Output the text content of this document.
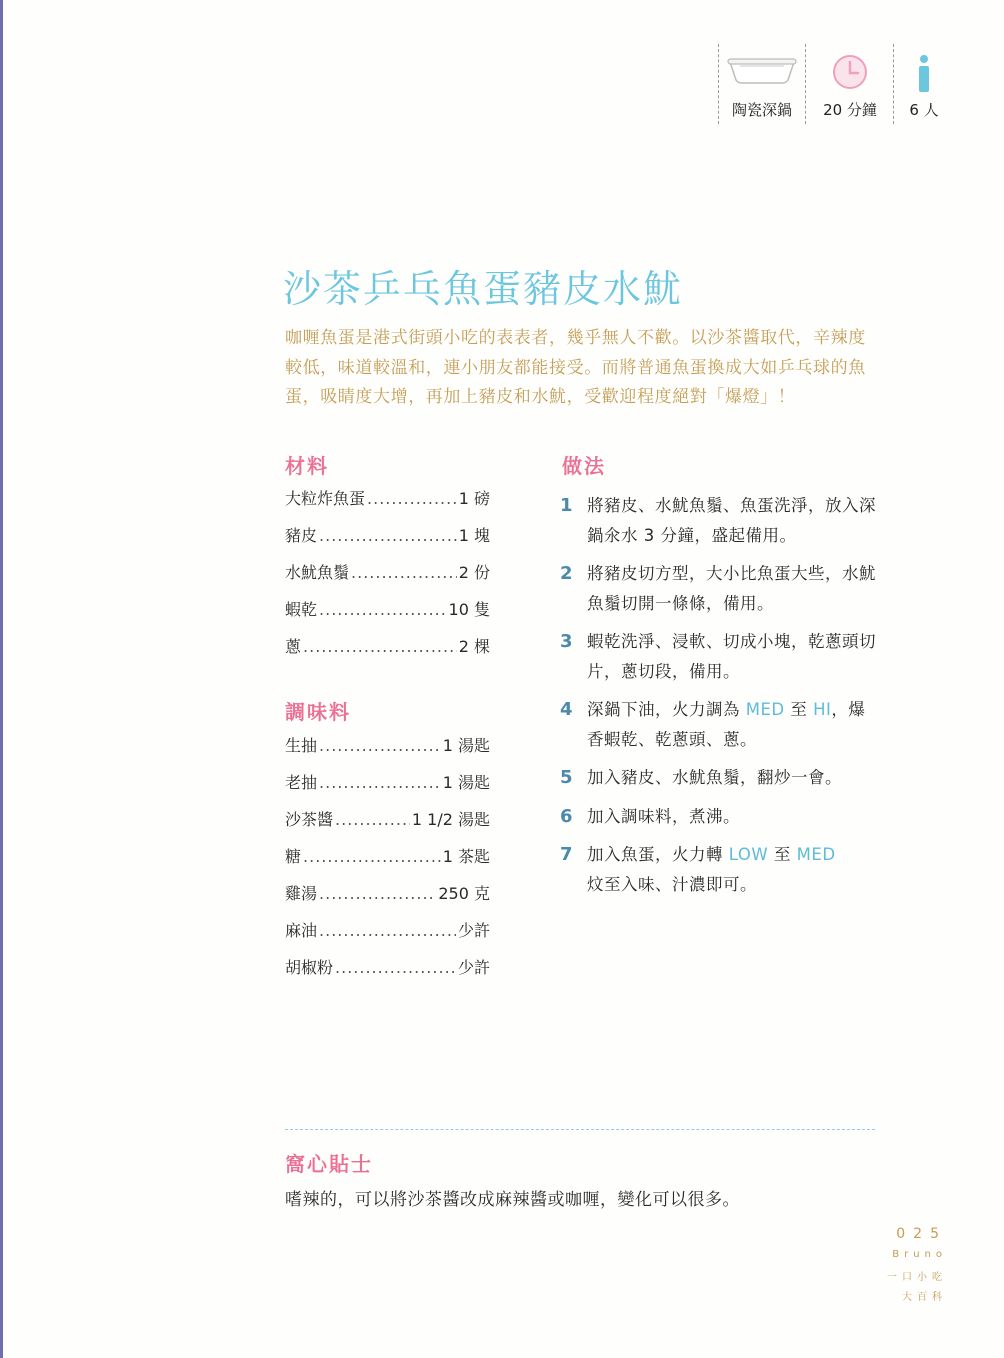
陶瓷深鍋	20 分鐘	6 人
沙茶乒乓魚蛋豬皮水魷

咖喱魚蛋是港式街頭小吃的表表者，幾乎無人不歡。以沙茶醬取代，辛辣度較低，味道較溫和，連小朋友都能接受。而將普通魚蛋換成大如乒乓球的魚蛋，吸睛度大增，再加上豬皮和水魷，受歡迎程度絕對「爆燈」！

材料
大粒炸魚蛋 .....	1 磅
豬皮 .....	1 塊
水魷魚鬚 .....	2 份
蝦乾 .....	10 隻
蔥 .....	2 棵
調味料
生抽 .....	1 湯匙
老抽 .....	1 湯匙
沙茶醬 .....	1 1/2 湯匙
糖 .....	1 茶匙
雞湯 .....	250 克
麻油 .....	少許
胡椒粉 .....	少許
做法
1 將豬皮、水魷魚鬚、魚蛋洗淨，放入深鍋氽水 3 分鐘，盛起備用。
2 將豬皮切方型，大小比魚蛋大些，水魷魚鬚切開一條條，備用。
3 蝦乾洗淨、浸軟、切成小塊，乾蔥頭切片，蔥切段，備用。
4 深鍋下油，火力調為 MED 至 HI，爆香蝦乾、乾蔥頭、蔥。
5 加入豬皮、水魷魚鬚，翻炒一會。
6 加入調味料，煮沸。
7 加入魚蛋，火力轉 LOW 至 MED
炆至入味、汁濃即可。
窩心貼士

嗜辣的，可以將沙茶醬改成麻辣醬或咖喱，變化可以很多。

025

Bruno

一口小吃

大百科
